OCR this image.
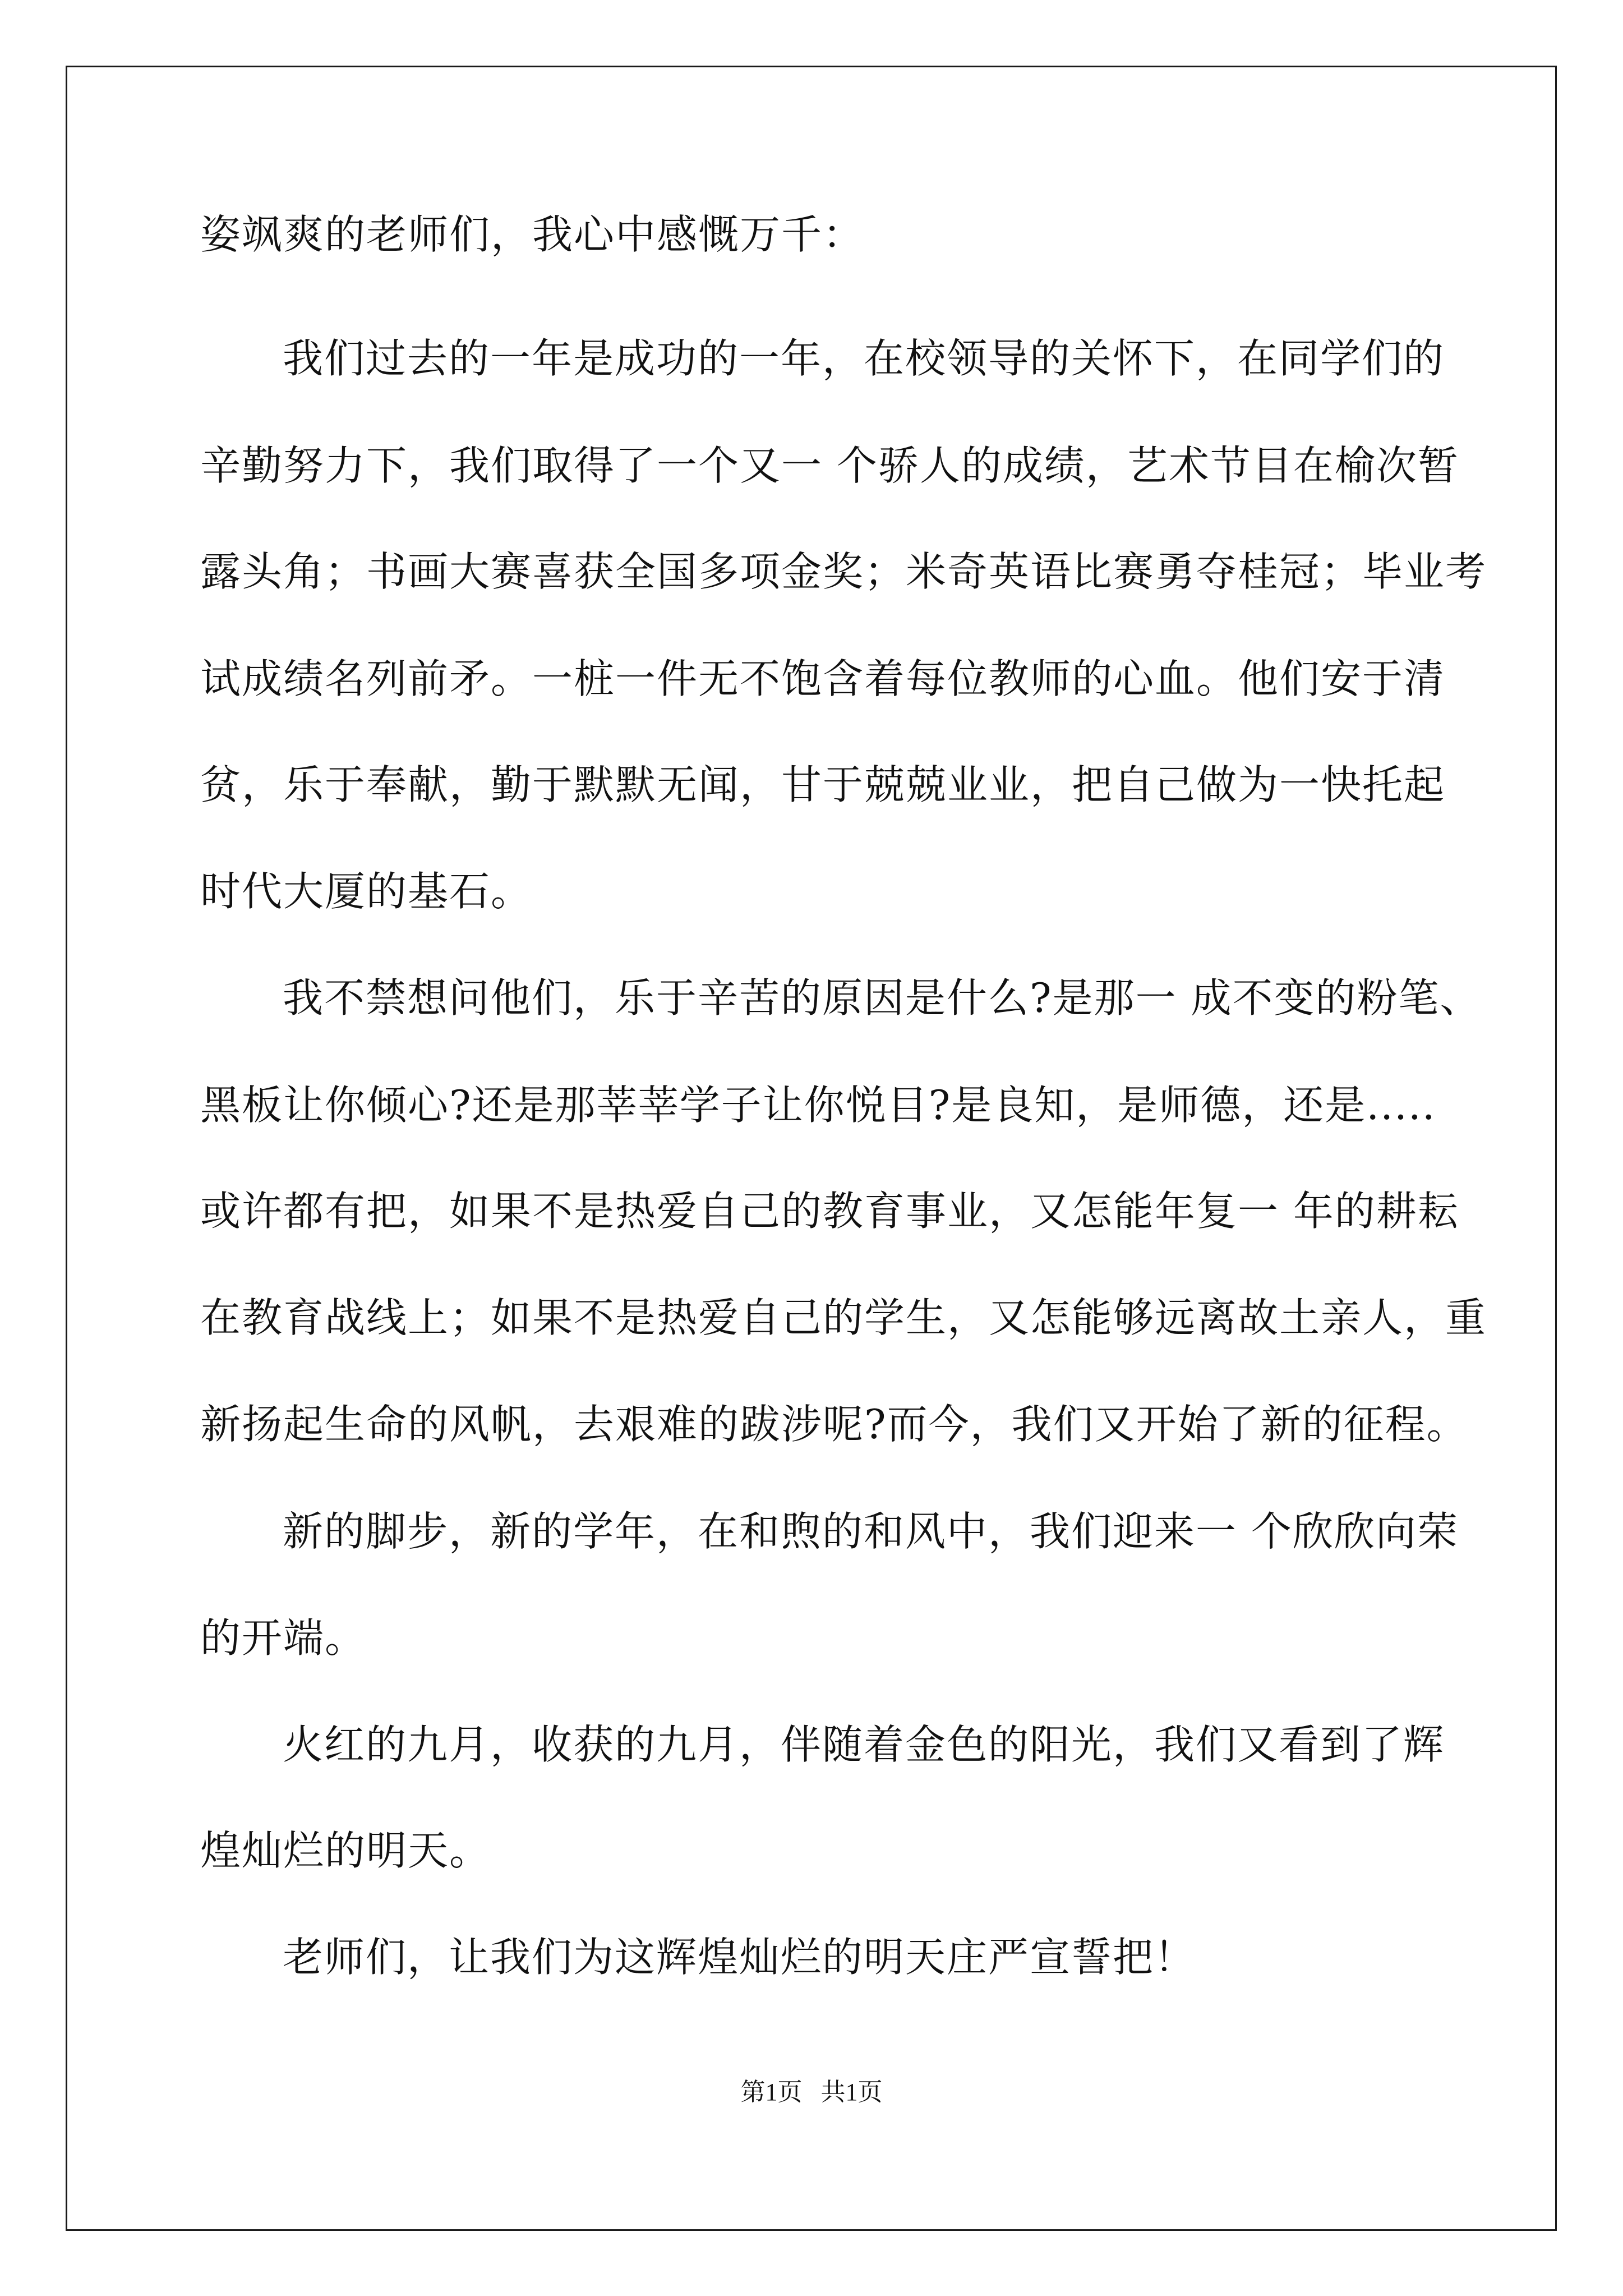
姿飒爽的老师们，我心中感慨万千：
我们过去的一年是成功的一年，在校领导的关怀下，在同学们的
辛勤努力下，我们取得了一个又一 个骄人的成绩，艺术节目在榆次暂
露头角；书画大赛喜获全国多项金奖；米奇英语比赛勇夺桂冠；毕业考
试成绩名列前矛。一桩一件无不饱含着每位教师的心血。他们安于清
贫，乐于奉献，勤于默默无闻，甘于兢兢业业，把自己做为一快托起
时代大厦的基石。
我不禁想问他们，乐于辛苦的原因是什么?是那一 成不变的粉笔、
黑板让你倾心?还是那莘莘学子让你悦目?是良知，是师德，还是.....
或许都有把，如果不是热爱自己的教育事业，又怎能年复一 年的耕耘
在教育战线上；如果不是热爱自己的学生，又怎能够远离故土亲人，重
新扬起生命的风帆，去艰难的跋涉呢?而今，我们又开始了新的征程。
新的脚步，新的学年，在和煦的和风中，我们迎来一 个欣欣向荣
的开端。
火红的九月，收获的九月，伴随着金色的阳光，我们又看到了辉
煌灿烂的明天。
老师们，让我们为这辉煌灿烂的明天庄严宣誓把！
第1页   共1页
